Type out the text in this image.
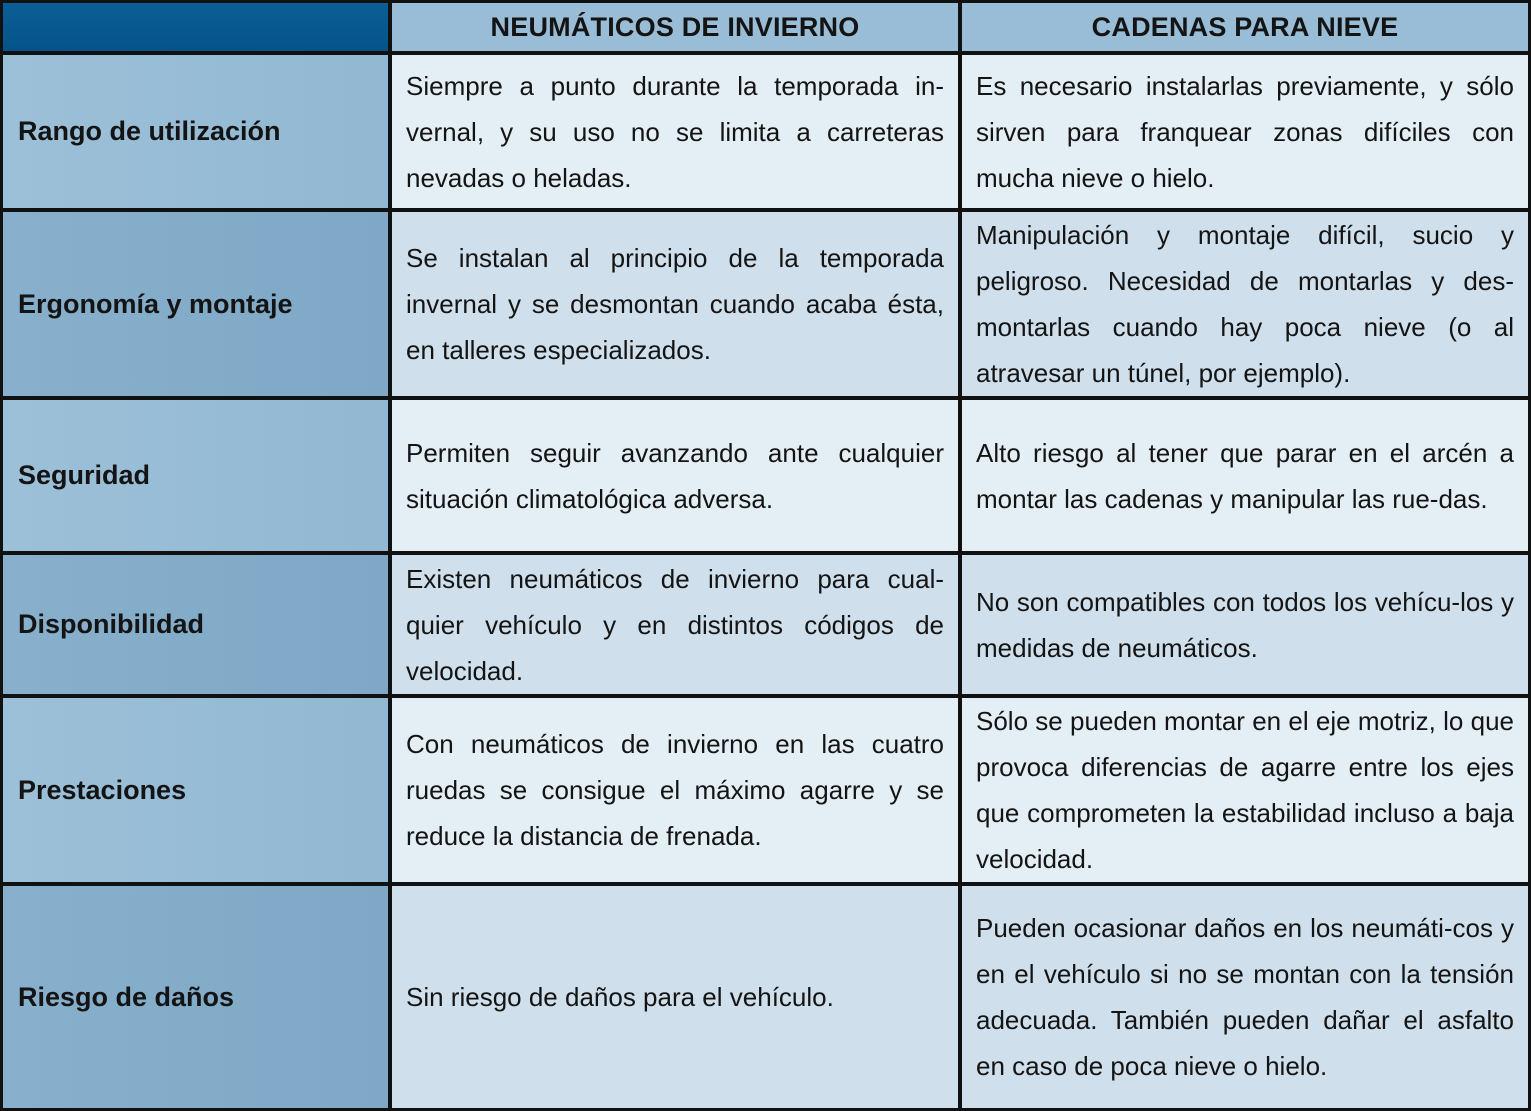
NEUMÁTICOS DE INVIERNO	CADENAS PARA NIEVE
Rango de utilización

Siempre a punto durante la temporada in-vernal, y su uso no se limita a carreteras nevadas o heladas.

Es necesario instalarlas previamente, y sólo sirven para franquear zonas difíciles con mucha nieve o hielo.

Ergonomía y montaje

Se instalan al principio de la temporada invernal y se desmontan cuando acaba ésta, en talleres especializados.

Manipulación y montaje difícil, sucio y peligroso. Necesidad de montarlas y des-montarlas cuando hay poca nieve (o al atravesar un túnel, por ejemplo).

Seguridad

Permiten seguir avanzando ante cualquier situación climatológica adversa.

Alto riesgo al tener que parar en el arcén a montar las cadenas y manipular las rue-das.

Disponibilidad

Existen neumáticos de invierno para cual-quier vehículo y en distintos códigos de velocidad.

No son compatibles con todos los vehícu-los y medidas de neumáticos.

Prestaciones

Con neumáticos de invierno en las cuatro ruedas se consigue el máximo agarre y se reduce la distancia de frenada.

Sólo se pueden montar en el eje motriz, lo que provoca diferencias de agarre entre los ejes que comprometen la estabilidad incluso a baja velocidad.

Riesgo de daños	Sin riesgo de daños para el vehículo.

Pueden ocasionar daños en los neumáti-cos y en el vehículo si no se montan con la tensión adecuada. También pueden dañar el asfalto en caso de poca nieve o hielo.
